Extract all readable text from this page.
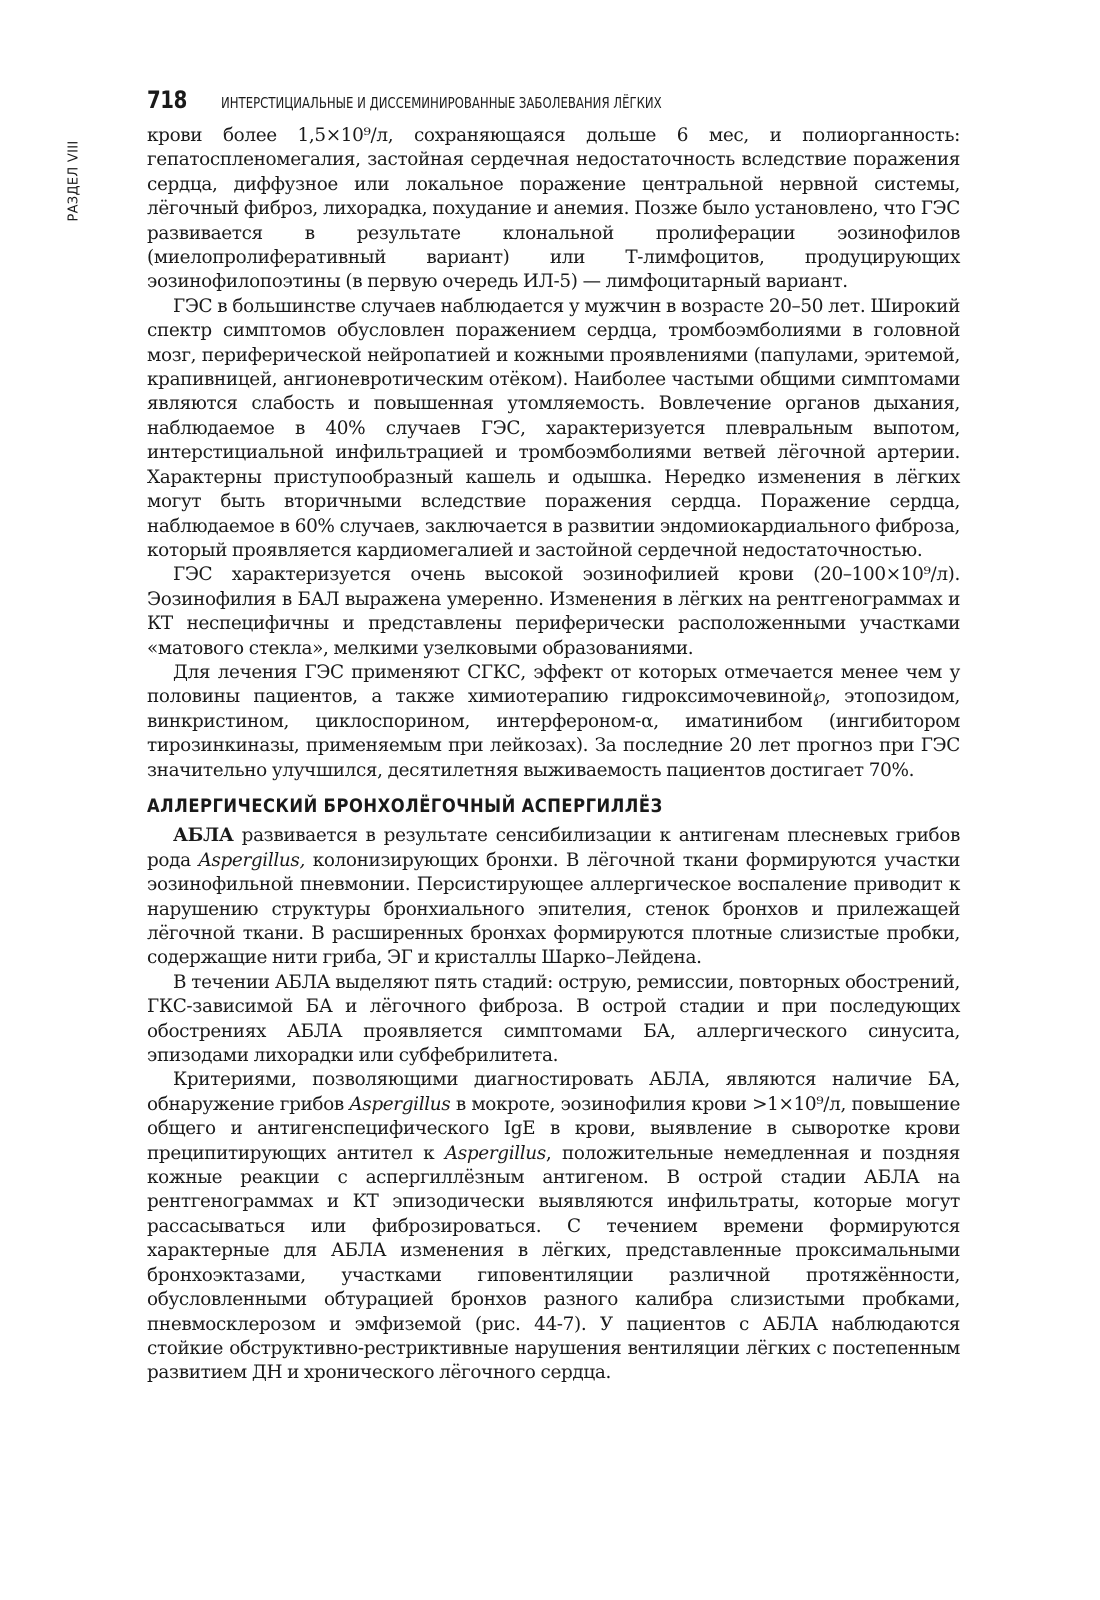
718	ИНТЕРСТИЦИАЛЬНЫЕ И ДИССЕМИНИРОВАННЫЕ ЗАБОЛЕВАНИЯ ЛЁГКИХ
РАЗДЕЛ VIII

крови более 1,5×10⁹/л, сохраняющаяся дольше 6 мес, и полиорганность: гепатоспленомегалия, застойная сердечная недостаточность вследствие поражения сердца, диффузное или локальное поражение центральной нервной системы, лёгочный фиброз, лихорадка, похудание и анемия. Позже было установлено, что ГЭС развивается в результате клональной пролиферации эозинофилов (миелопролиферативный вариант) или Т-лимфоцитов, продуцирующих эозинофилопоэтины (в первую очередь ИЛ-5) — лимфоцитарный вариант.

ГЭС в большинстве случаев наблюдается у мужчин в возрасте 20–50 лет. Широкий спектр симптомов обусловлен поражением сердца, тромбоэмболиями в головной мозг, периферической нейропатией и кожными проявлениями (папулами, эритемой, крапивницей, ангионевротическим отёком). Наиболее частыми общими симптомами являются слабость и повышенная утомляемость. Вовлечение органов дыхания, наблюдаемое в 40% случаев ГЭС, характеризуется плевральным выпотом, интерстициальной инфильтрацией и тромбоэмболиями ветвей лёгочной артерии. Характерны приступообразный кашель и одышка. Нередко изменения в лёгких могут быть вторичными вследствие поражения сердца. Поражение сердца, наблюдаемое в 60% случаев, заключается в развитии эндомиокардиального фиброза, который проявляется кардиомегалией и застойной сердечной недостаточностью.

ГЭС характеризуется очень высокой эозинофилией крови (20–100×10⁹/л). Эозинофилия в БАЛ выражена умеренно. Изменения в лёгких на рентгенограммах и КТ неспецифичны и представлены периферически расположенными участками «матового стекла», мелкими узелковыми образованиями.

Для лечения ГЭС применяют СГКС, эффект от которых отмечается менее чем у половины пациентов, а также химиотерапию гидроксимочевиной℘, этопозидом, винкристином, циклоспорином, интерфероном-α, иматинибом (ингибитором тирозинкиназы, применяемым при лейкозах). За последние 20 лет прогноз при ГЭС значительно улучшился, десятилетняя выживаемость пациентов достигает 70%.

АЛЛЕРГИЧЕСКИЙ БРОНХОЛЁГОЧНЫЙ АСПЕРГИЛЛЁЗ

АБЛА развивается в результате сенсибилизации к антигенам плесневых грибов рода Aspergillus, колонизирующих бронхи. В лёгочной ткани формируются участки эозинофильной пневмонии. Персистирующее аллергическое воспаление приводит к нарушению структуры бронхиального эпителия, стенок бронхов и прилежащей лёгочной ткани. В расширенных бронхах формируются плотные слизистые пробки, содержащие нити гриба, ЭГ и кристаллы Шарко–Лейдена.

В течении АБЛА выделяют пять стадий: острую, ремиссии, повторных обострений, ГКС-зависимой БА и лёгочного фиброза. В острой стадии и при последующих обострениях АБЛА проявляется симптомами БА, аллергического синусита, эпизодами лихорадки или субфебрилитета.

Критериями, позволяющими диагностировать АБЛА, являются наличие БА, обнаружение грибов Aspergillus в мокроте, эозинофилия крови >1×10⁹/л, повышение общего и антигенспецифического IgE в крови, выявление в сыворотке крови преципитирующих антител к Aspergillus, положительные немедленная и поздняя кожные реакции с аспергиллёзным антигеном. В острой стадии АБЛА на рентгенограммах и КТ эпизодически выявляются инфильтраты, которые могут рассасываться или фиброзироваться. С течением времени формируются характерные для АБЛА изменения в лёгких, представленные проксимальными бронхоэктазами, участками гиповентиляции различной протяжённости, обусловленными обтурацией бронхов разного калибра слизистыми пробками, пневмосклерозом и эмфиземой (рис. 44-7). У пациентов с АБЛА наблюдаются стойкие обструктивно-рестриктивные нарушения вентиляции лёгких с постепенным развитием ДН и хронического лёгочного сердца.
